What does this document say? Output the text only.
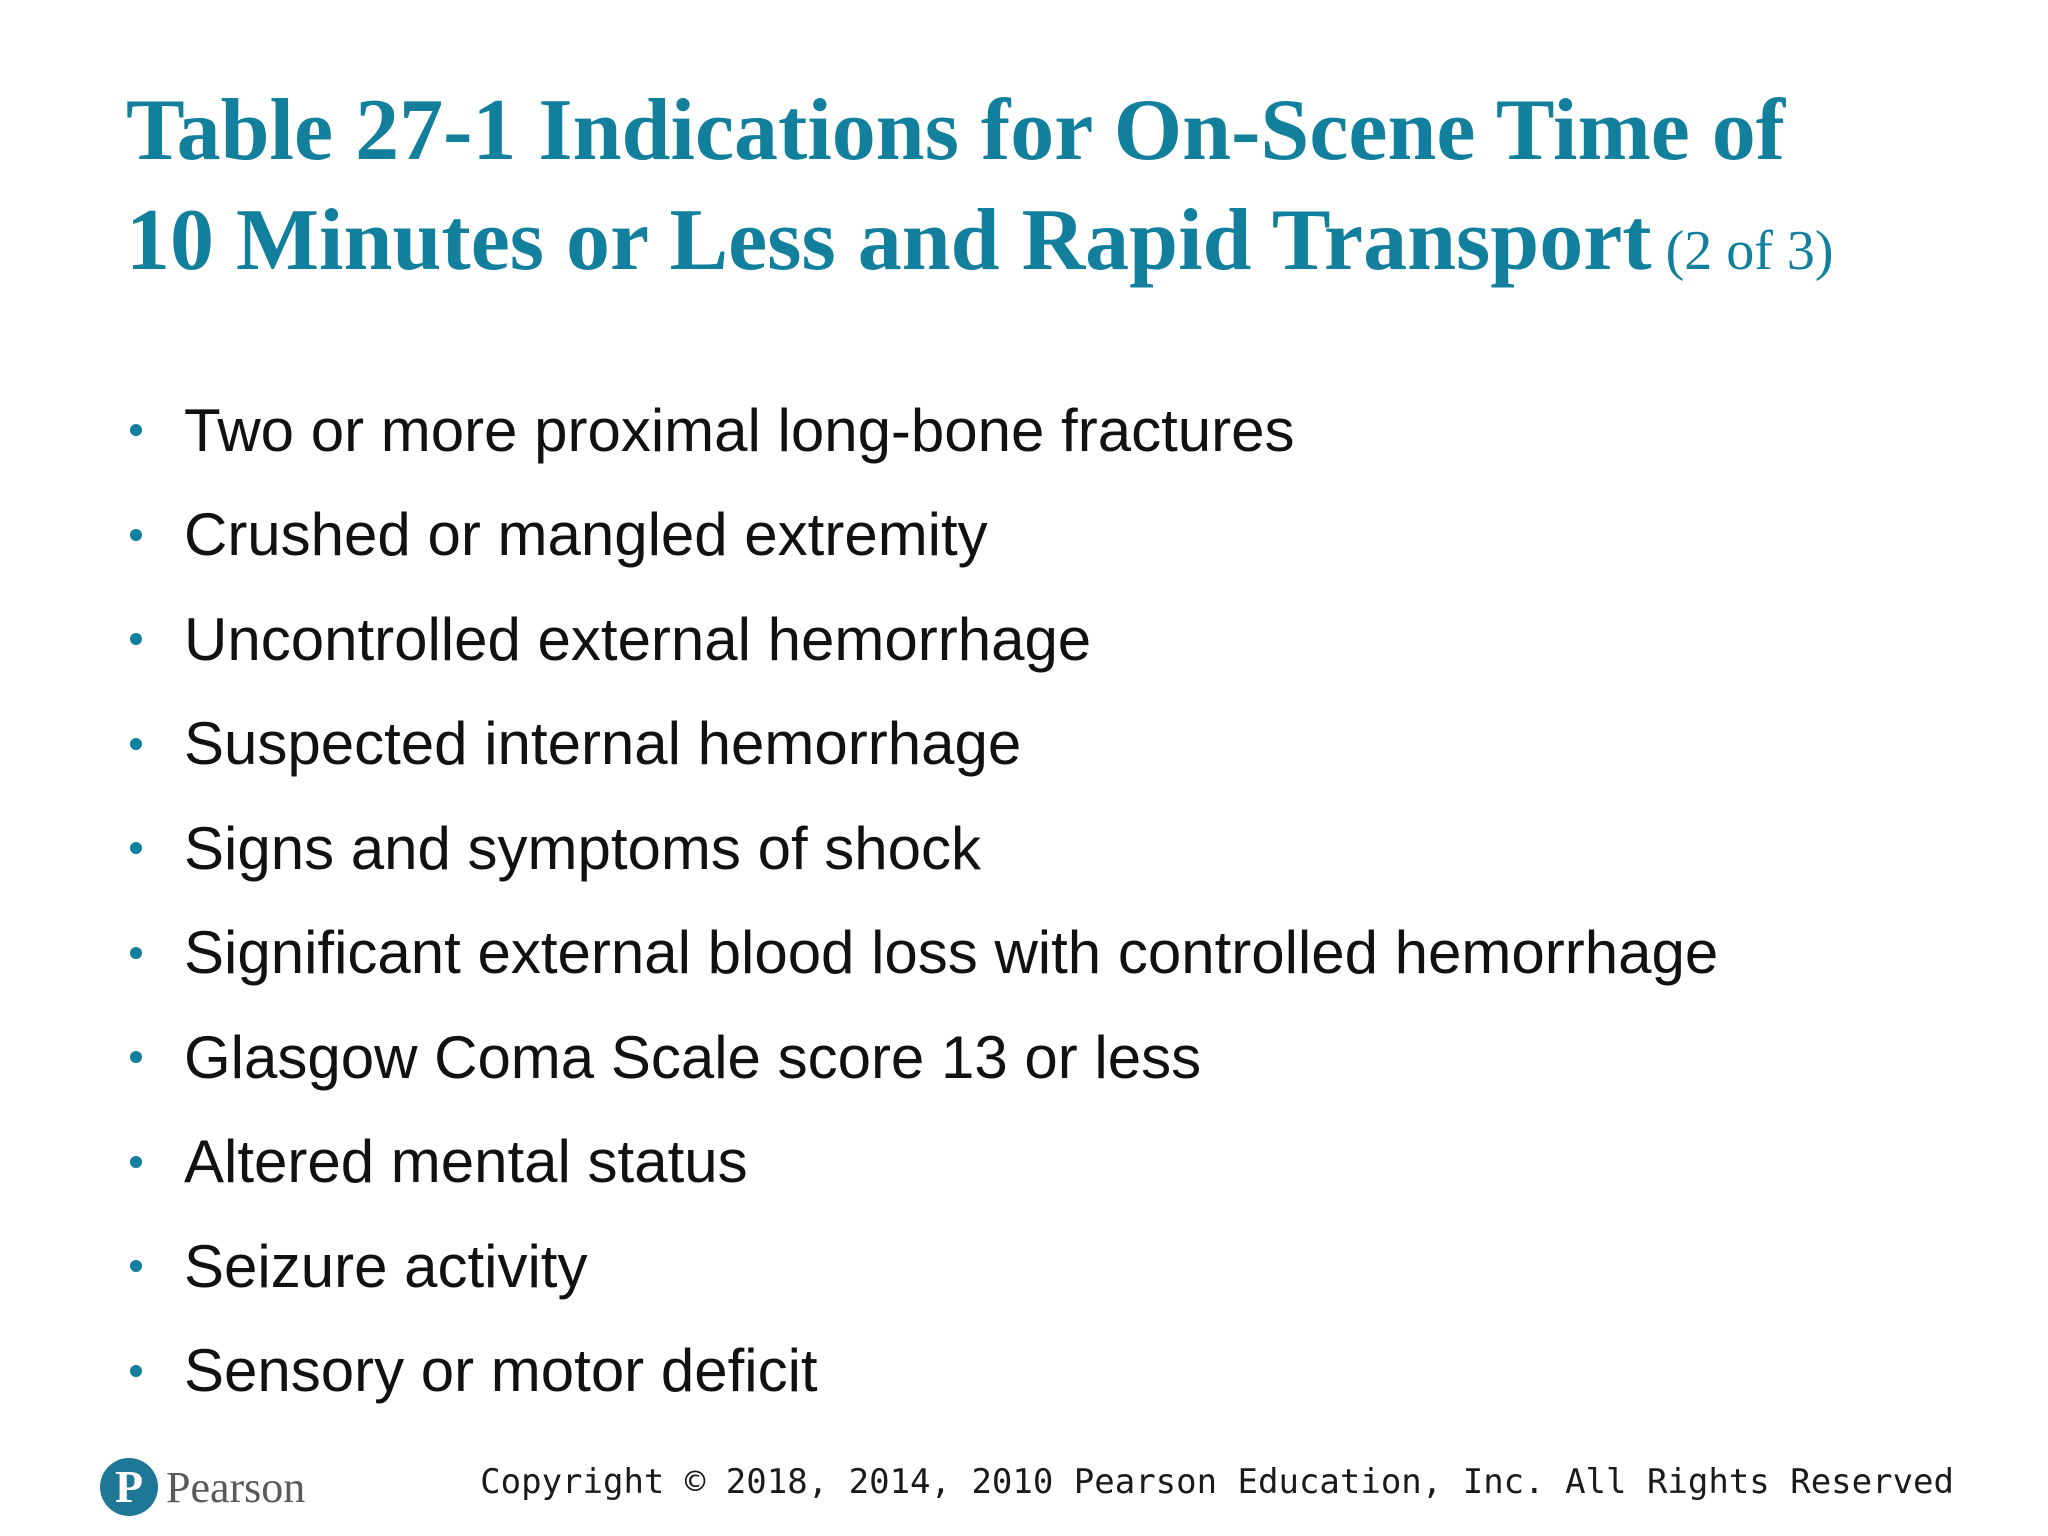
Table 27-1 Indications for On-Scene Time of
10 Minutes or Less and Rapid Transport (2 of 3)
Two or more proximal long-bone fractures
Crushed or mangled extremity
Uncontrolled external hemorrhage
Suspected internal hemorrhage
Signs and symptoms of shock
Significant external blood loss with controlled hemorrhage
Glasgow Coma Scale score 13 or less
Altered mental status
Seizure activity
Sensory or motor deficit
P Pearson	Copyright © 2018, 2014, 2010 Pearson Education, Inc. All Rights Reserved
